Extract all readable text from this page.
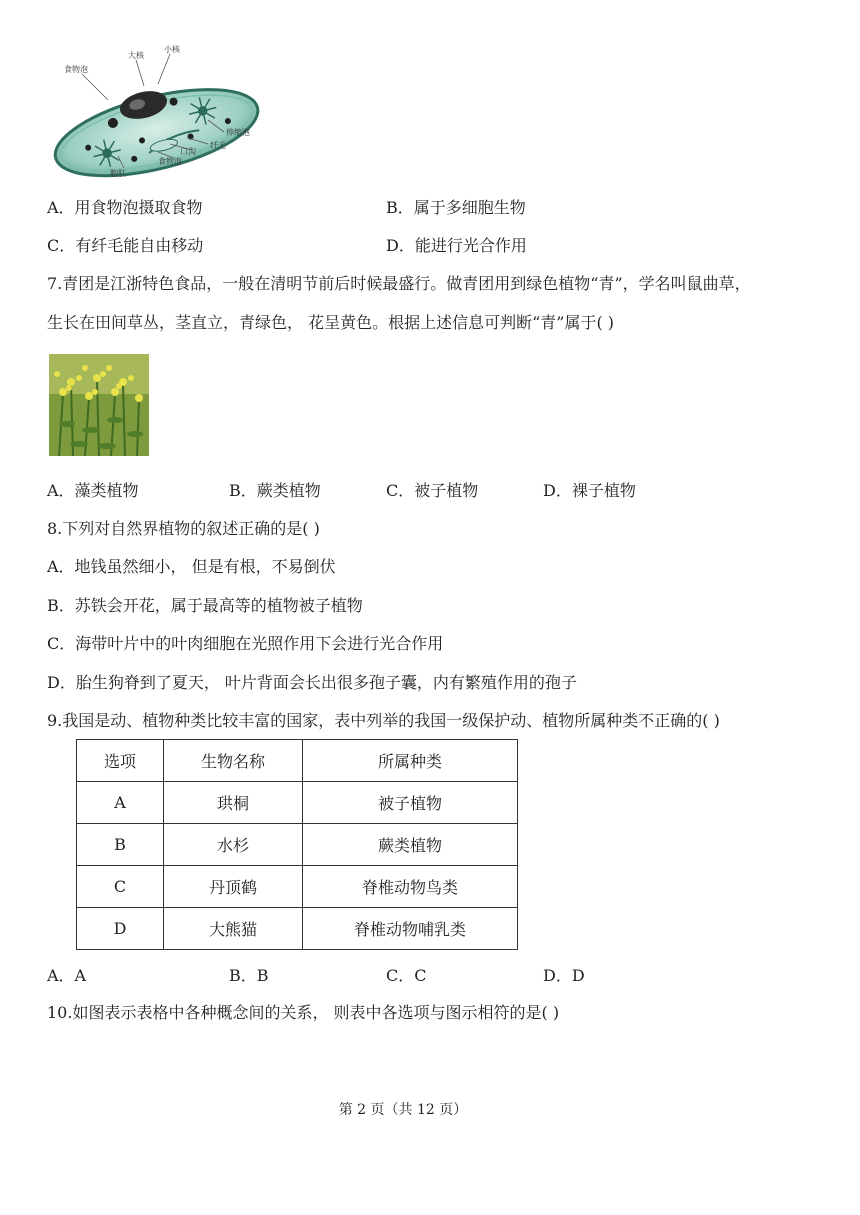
食物泡
大核
小核
伸缩泡
纤毛
口沟
食物泡
胞肛
A．用食物泡摄取食物	B．属于多细胞生物
C．有纤毛能自由移动	D．能进行光合作用
7.青团是江浙特色食品，一般在清明节前后时候最盛行。做青团用到绿色植物“青”，学名叫鼠曲草，
生长在田间草丛，茎直立，青绿色， 花呈黄色。根据上述信息可判断“青”属于( )
A．藻类植物	B．蕨类植物	C．被子植物	D．裸子植物
8.下列对自然界植物的叙述正确的是( )
A．地钱虽然细小， 但是有根，不易倒伏
B．苏铁会开花，属于最高等的植物被子植物
C．海带叶片中的叶肉细胞在光照作用下会进行光合作用
D．胎生狗脊到了夏天， 叶片背面会长出很多孢子囊，内有繁殖作用的孢子
9.我国是动、植物种类比较丰富的国家，表中列举的我国一级保护动、植物所属种类不正确的( )
选项	生物名称	所属种类
A	珙桐	被子植物
B	水杉	蕨类植物
C	丹顶鹤	脊椎动物鸟类
D	大熊猫	脊椎动物哺乳类
A．A	B．B	C．C	D．D
10.如图表示表格中各种概念间的关系， 则表中各选项与图示相符的是( )
第 2 页（共 12 页）
